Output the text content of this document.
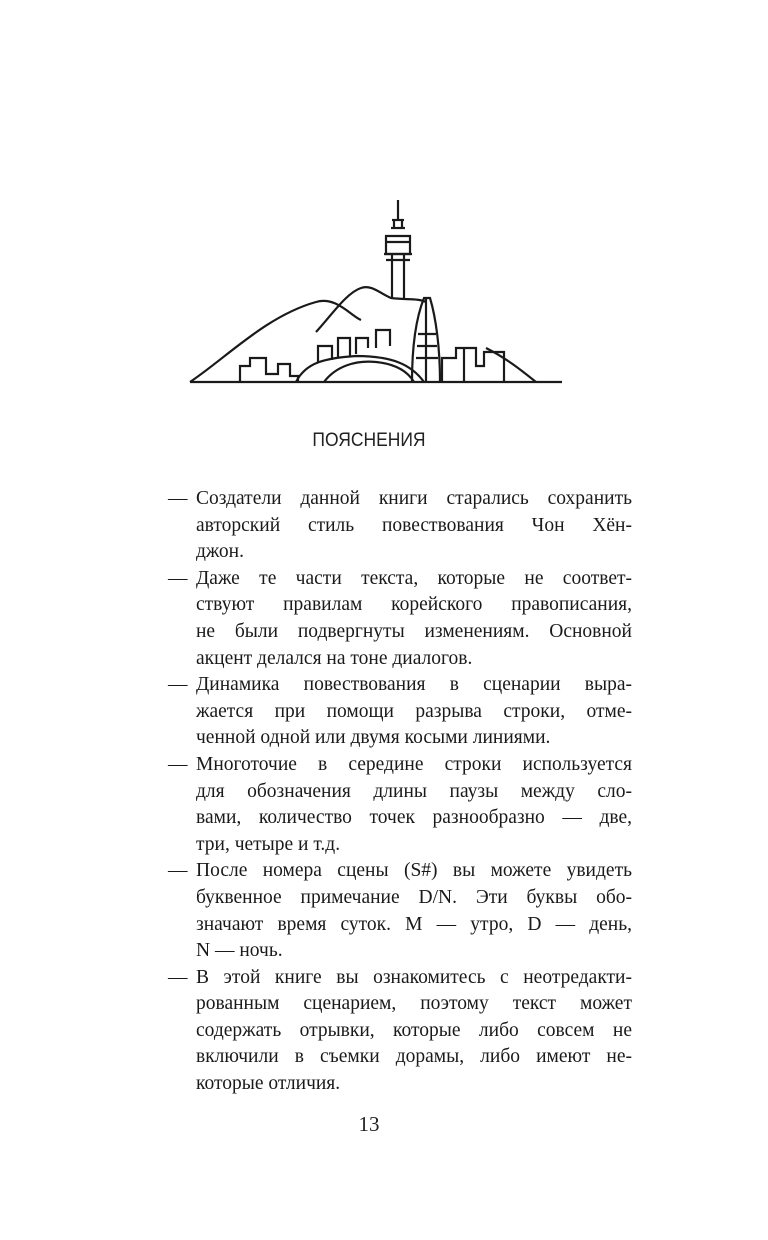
ПОЯСНЕНИЯ
— Создатели данной книги старались сохранить
авторский стиль повествования Чон Хён-
джон.
— Даже те части текста, которые не соответ-
ствуют правилам корейского правописания,
не были подвергнуты изменениям. Основной
акцент делался на тоне диалогов.
— Динамика повествования в сценарии выра-
жается при помощи разрыва строки, отме-
ченной одной или двумя косыми линиями.
— Многоточие в середине строки используется
для обозначения длины паузы между сло-
вами, количество точек разнообразно — две,
три, четыре и т.д.
— После номера сцены (S#) вы можете увидеть
буквенное примечание D/N. Эти буквы обо-
значают время суток. М — утро, D — день,
N — ночь.
— В этой книге вы ознакомитесь с неотредакти-
рованным сценарием, поэтому текст может
содержать отрывки, которые либо совсем не
включили в съемки дорамы, либо имеют не-
которые отличия.
13
